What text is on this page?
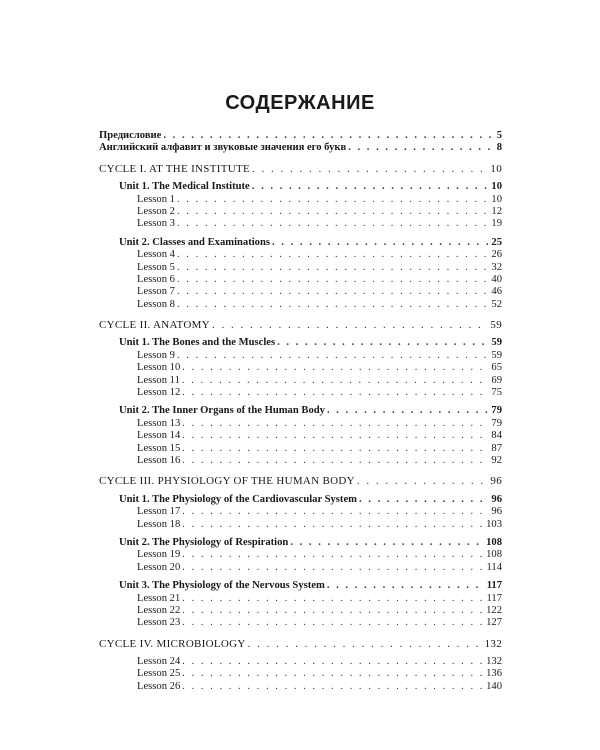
СОДЕРЖАНИЕ
Предисловие . . .	5
Английский алфавит и звуковые значения его букв . . .	8
CYCLE I. AT THE INSTITUTE . . .	10
Unit 1. The Medical Institute . . .	10
Lesson 1 . . .	10
Lesson 2 . . .	12
Lesson 3 . . .	19
Unit 2. Classes and Examinations . . .	25
Lesson 4 . . .	26
Lesson 5 . . .	32
Lesson 6 . . .	40
Lesson 7 . . .	46
Lesson 8 . . .	52
CYCLE II. ANATOMY . . .	59
Unit 1. The Bones and the Muscles . . .	59
Lesson 9 . . .	59
Lesson 10 . . .	65
Lesson 11 . . .	69
Lesson 12 . . .	75
Unit 2. The Inner Organs of the Human Body . . .	79
Lesson 13 . . .	79
Lesson 14 . . .	84
Lesson 15 . . .	87
Lesson 16 . . .	92
CYCLE III. PHYSIOLOGY OF THE HUMAN BODY . . .	96
Unit 1. The Physiology of the Cardiovascular System . . .	96
Lesson 17 . . .	96
Lesson 18 . . .	103
Unit 2. The Physiology of Respiration . . .	108
Lesson 19 . . .	108
Lesson 20 . . .	114
Unit 3. The Physiology of the Nervous System . . .	117
Lesson 21 . . .	117
Lesson 22 . . .	122
Lesson 23 . . .	127
CYCLE IV. MICROBIOLOGY . . .	132
Lesson 24 . . .	132
Lesson 25 . . .	136
Lesson 26 . . .	140
